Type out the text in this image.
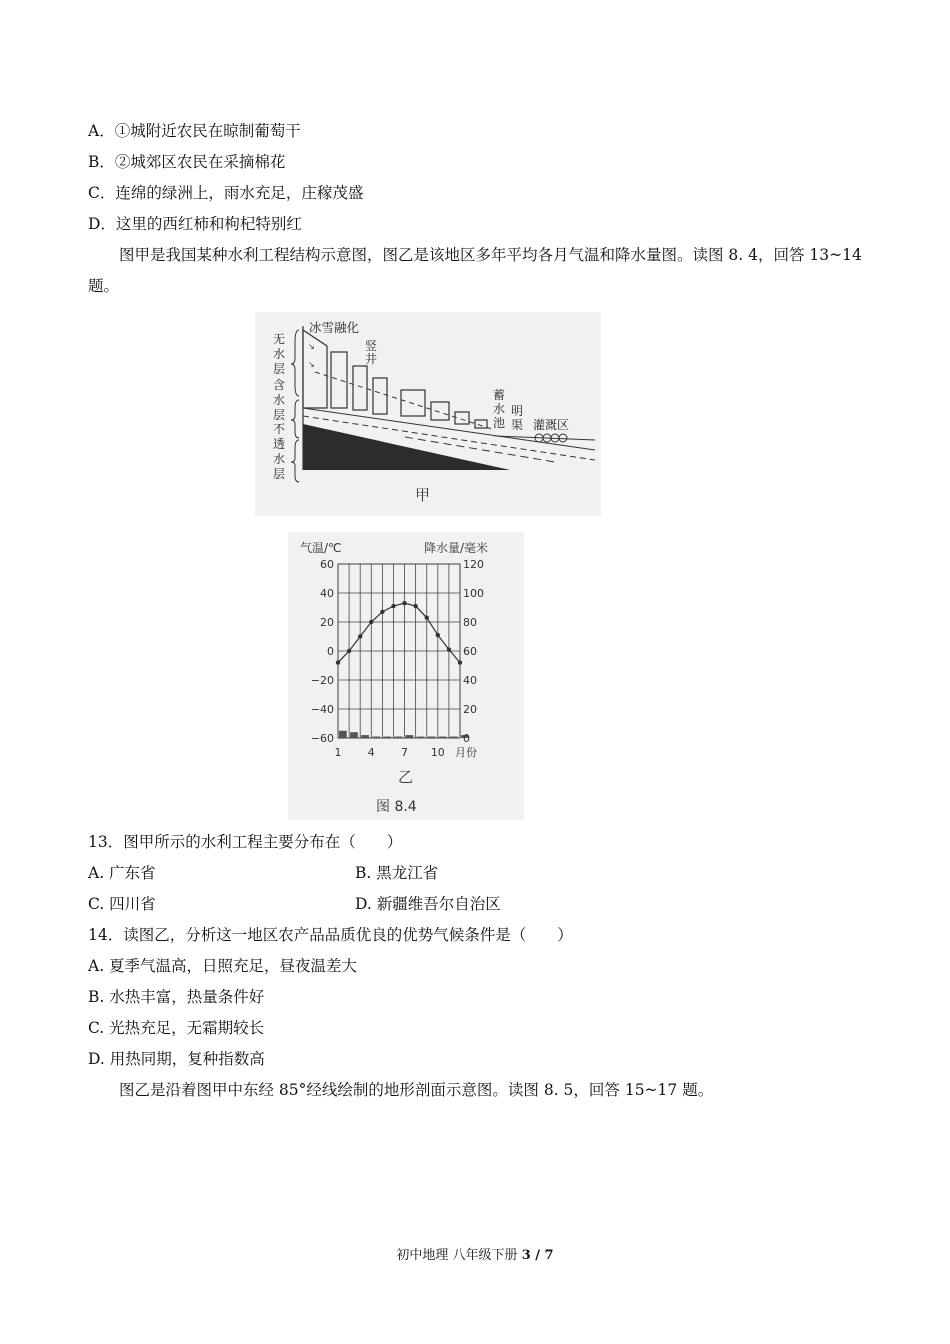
A．①城附近农民在晾制葡萄干
B．②城郊区农民在采摘棉花
C．连绵的绿洲上，雨水充足，庄稼茂盛
D．这里的西红柿和枸杞特别红
图甲是我国某种水利工程结构示意图，图乙是该地区多年平均各月气温和降水量图。读图 8. 4，回答 13~14 题。
↘
↘
冰雪融化
竖井
蓄水池
明渠 灌溉区
无水层
含水层
不透水层
甲
60	120
40	100
20	80
0	60
−20	40
−40	20
−60	0
1 4 7 10 月份
气温/℃	降水量/毫米
乙
图 8.4
13．图甲所示的水利工程主要分布在（　　）
A. 广东省	B. 黑龙江省
C. 四川省	D. 新疆维吾尔自治区
14．读图乙，分析这一地区农产品品质优良的优势气候条件是（　　）
A. 夏季气温高，日照充足，昼夜温差大
B. 水热丰富，热量条件好
C. 光热充足，无霜期较长
D. 用热同期，复种指数高
图乙是沿着图甲中东经 85°经线绘制的地形剖面示意图。读图 8. 5，回答 15~17 题。
初中地理 八年级下册 3 / 7
